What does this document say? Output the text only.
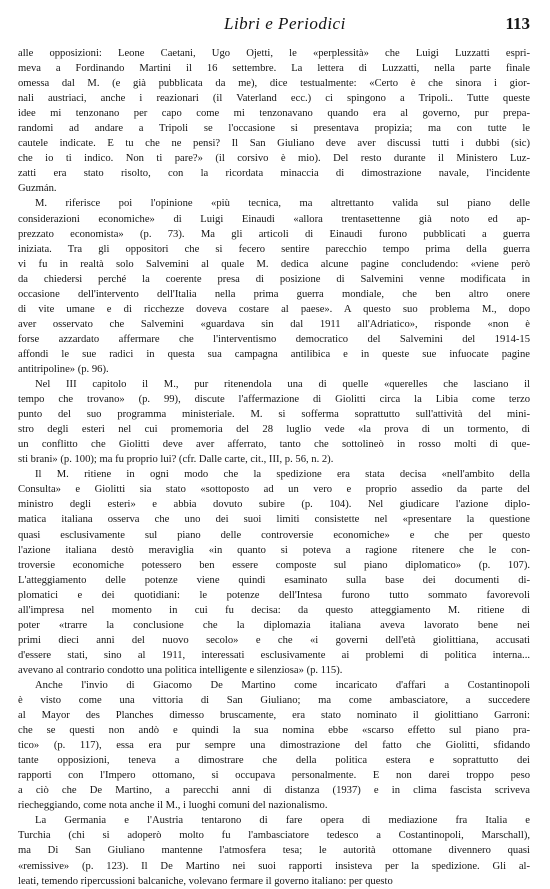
Libri e Periodici	113
alle opposizioni: Leone Caetani, Ugo Ojetti, le «perplessità» che Luigi Luzzatti espri-
meva a Fordinando Martini il 16 settembre. La lettera di Luzzatti, nella parte finale
omessa dal M. (e già pubblicata da me), dice testualmente: «Certo è che sinora i gior-
nali austriaci, anche i reazionari (il Vaterland ecc.) ci spingono a Tripoli.. Tutte queste
idee mi tenzonano per capo come mi tenzonavano quando era al governo, pur prepa-
randomi ad andare a Tripoli se l'occasione si presentava propizia; ma con tutte le
cautele indicate. E tu che ne pensi? Il San Giuliano deve aver discussi tutti i dubbi (sic)
che io ti indico. Non ti pare?» (il corsivo è mio). Del resto durante il Ministero Luz-
zatti era stato risolto, con la ricordata minaccia di dimostrazione navale, l'incidente
Guzmán.
M. riferisce poi l'opinione «più tecnica, ma altrettanto valida sul piano delle
considerazioni economiche» di Luigi Einaudi «allora trentasettenne già noto ed ap-
prezzato economista» (p. 73). Ma gli articoli di Einaudi furono pubblicati a guerra
iniziata. Tra gli oppositori che si fecero sentire parecchio tempo prima della guerra
vi fu in realtà solo Salvemini al quale M. dedica alcune pagine concludendo: «viene però
da chiedersi perché la coerente presa di posizione di Salvemini venne modificata in
occasione dell'intervento dell'Italia nella prima guerra mondiale, che ben altro onere
di vite umane e di ricchezze doveva costare al paese». A questo suo problema M., dopo
aver osservato che Salvemini «guardava sin dal 1911 all'Adriatico», risponde «non è
forse azzardato affermare che l'interventismo democratico del Salvemini del 1914-15
affondi le sue radici in questa sua campagna antilibica e in queste sue infuocate pagine
antitripoline» (p. 96).
Nel III capitolo il M., pur ritenendola una di quelle «querelles che lasciano il
tempo che trovano» (p. 99), discute l'affermazione di Giolitti circa la Libia come terzo
punto del suo programma ministeriale. M. si sofferma soprattutto sull'attività del mini-
stro degli esteri nel cui promemoria del 28 luglio vede «la prova di un tormento, di
un conflitto che Giolitti deve aver afferrato, tanto che sottolineò in rosso molti di que-
sti brani» (p. 100); ma fu proprio lui? (cfr. Dalle carte, cit., III, p. 56, n. 2).
Il M. ritiene in ogni modo che la spedizione era stata decisa «nell'ambito della
Consulta» e Giolitti sia stato «sottoposto ad un vero e proprio assedio da parte del
ministro degli esteri» e abbia dovuto subire (p. 104). Nel giudicare l'azione diplo-
matica italiana osserva che uno dei suoi limiti consistette nel «presentare la questione
quasi esclusivamente sul piano delle controversie economiche» e che per questo
l'azione italiana destò meraviglia «in quanto si poteva a ragione ritenere che le con-
troversie economiche potessero ben essere composte sul piano diplomatico» (p. 107).
L'atteggiamento delle potenze viene quindi esaminato sulla base dei documenti di-
plomatici e dei quotidiani: le potenze dell'Intesa furono tutto sommato favorevoli
all'impresa nel momento in cui fu decisa: da questo atteggiamento M. ritiene di
poter «trarre la conclusione che la diplomazia italiana aveva lavorato bene nei
primi dieci anni del nuovo secolo» e che «i governi dell'età giolittiana, accusati
d'essere stati, sino al 1911, interessati esclusivamente ai problemi di politica interna...
avevano al contrario condotto una politica intelligente e silenziosa» (p. 115).
Anche l'invio di Giacomo De Martino come incaricato d'affari a Costantinopoli
è visto come una vittoria di San Giuliano; ma come ambasciatore, a succedere
al Mayor des Planches dimesso bruscamente, era stato nominato il giolittiano Garroni:
che se questi non andò e quindi la sua nomina ebbe «scarso effetto sul piano pra-
tico» (p. 117), essa era pur sempre una dimostrazione del fatto che Giolitti, sfidando
tante opposizioni, teneva a dimostrare che della politica estera e soprattutto dei
rapporti con l'Impero ottomano, si occupava personalmente. E non darei troppo peso
a ciò che De Martino, a parecchi anni di distanza (1937) e in clima fascista scriveva
riecheggiando, come nota anche il M., i luoghi comuni del nazionalismo.
La Germania e l'Austria tentarono di fare opera di mediazione fra Italia e
Turchia (chi si adoperò molto fu l'ambasciatore tedesco a Costantinopoli, Marschall),
ma Di San Giuliano mantenne l'atmosfera tesa; le autorità ottomane divennero quasi
«remissive» (p. 123). Il De Martino nei suoi rapporti insisteva per la spedizione. Gli al-
leati, temendo ripercussioni balcaniche, volevano fermare il governo italiano: per questo
